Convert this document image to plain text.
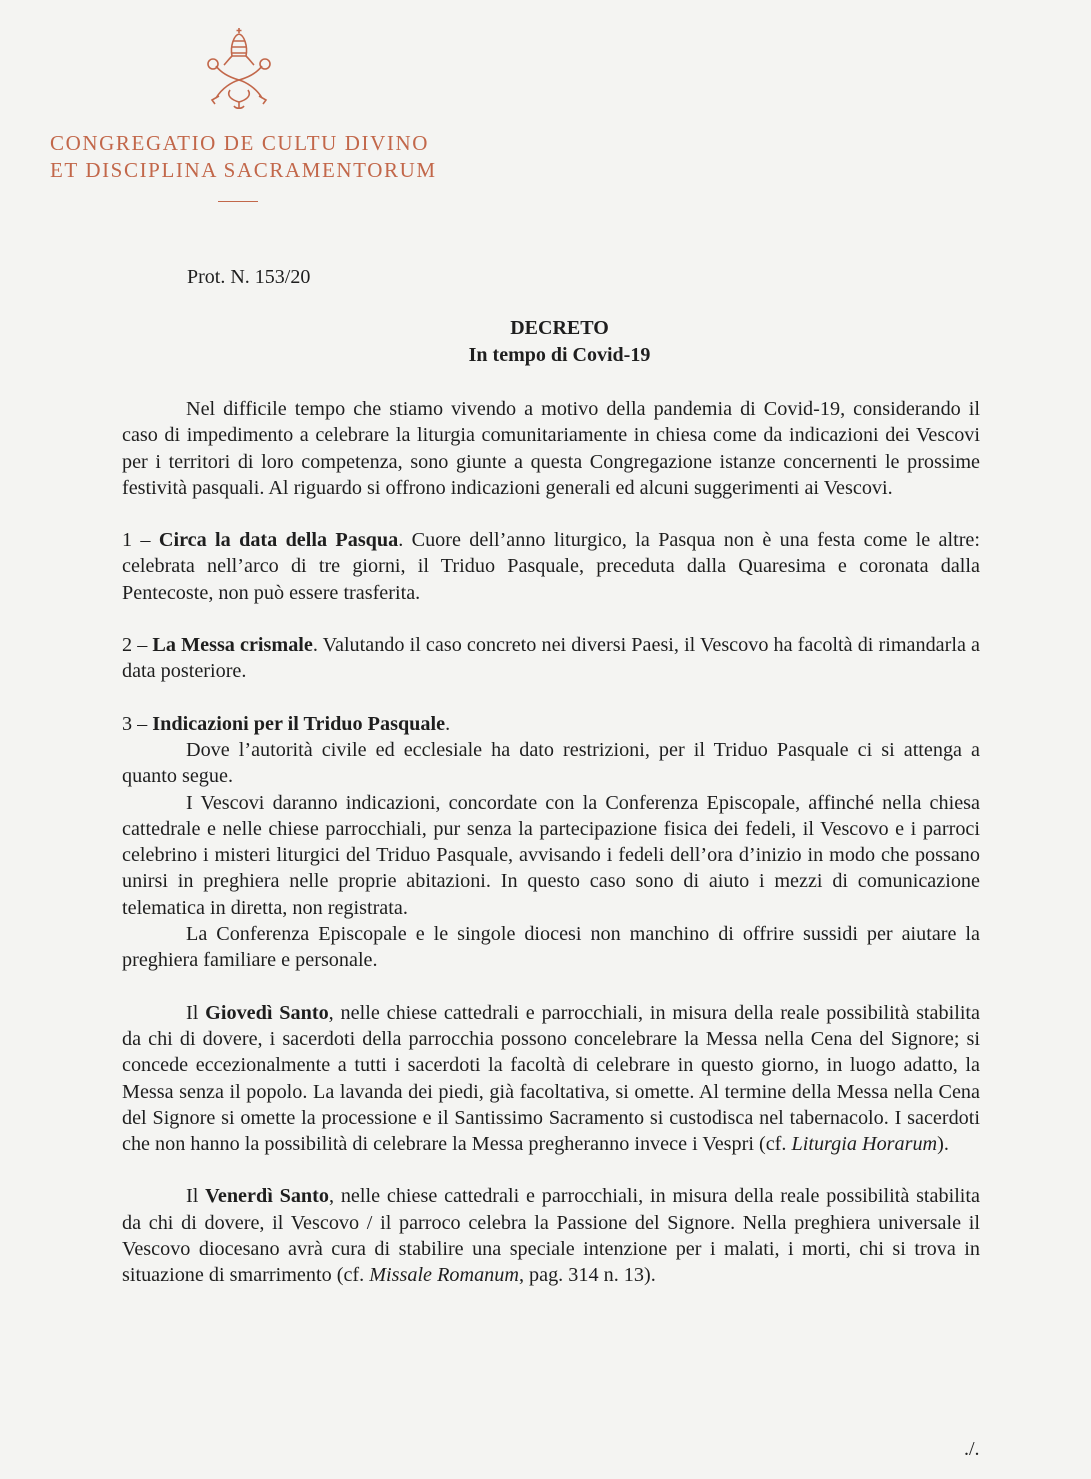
CONGREGATIO DE CULTU DIVINO
ET DISCIPLINA SACRAMENTORUM
Prot. N. 153/20
DECRETO
In tempo di Covid-19

Nel difficile tempo che stiamo vivendo a motivo della pandemia di Covid-19, considerando il caso di impedimento a celebrare la liturgia comunitariamente in chiesa come da indicazioni dei Vescovi per i territori di loro competenza, sono giunte a questa Congregazione istanze concernenti le prossime festività pasquali. Al riguardo si offrono indicazioni generali ed alcuni suggerimenti ai Vescovi.

1 – Circa la data della Pasqua. Cuore dell’anno liturgico, la Pasqua non è una festa come le altre: celebrata nell’arco di tre giorni, il Triduo Pasquale, preceduta dalla Quaresima e coronata dalla Pentecoste, non può essere trasferita.

2 – La Messa crismale. Valutando il caso concreto nei diversi Paesi, il Vescovo ha facoltà di rimandarla a data posteriore.

3 – Indicazioni per il Triduo Pasquale.

Dove l’autorità civile ed ecclesiale ha dato restrizioni, per il Triduo Pasquale ci si attenga a quanto segue.

I Vescovi daranno indicazioni, concordate con la Conferenza Episcopale, affinché nella chiesa cattedrale e nelle chiese parrocchiali, pur senza la partecipazione fisica dei fedeli, il Vescovo e i parroci celebrino i misteri liturgici del Triduo Pasquale, avvisando i fedeli dell’ora d’inizio in modo che possano unirsi in preghiera nelle proprie abitazioni. In questo caso sono di aiuto i mezzi di comunicazione telematica in diretta, non registrata.

La Conferenza Episcopale e le singole diocesi non manchino di offrire sussidi per aiutare la preghiera familiare e personale.

Il Giovedì Santo, nelle chiese cattedrali e parrocchiali, in misura della reale possibilità stabilita da chi di dovere, i sacerdoti della parrocchia possono concelebrare la Messa nella Cena del Signore; si concede eccezionalmente a tutti i sacerdoti la facoltà di celebrare in questo giorno, in luogo adatto, la Messa senza il popolo. La lavanda dei piedi, già facoltativa, si omette. Al termine della Messa nella Cena del Signore si omette la processione e il Santissimo Sacramento si custodisca nel tabernacolo. I sacerdoti che non hanno la possibilità di celebrare la Messa pregheranno invece i Vespri (cf. Liturgia Horarum).

Il Venerdì Santo, nelle chiese cattedrali e parrocchiali, in misura della reale possibilità stabilita da chi di dovere, il Vescovo / il parroco celebra la Passione del Signore. Nella preghiera universale il Vescovo diocesano avrà cura di stabilire una speciale intenzione per i malati, i morti, chi si trova in situazione di smarrimento (cf. Missale Romanum, pag. 314 n. 13).

./.
